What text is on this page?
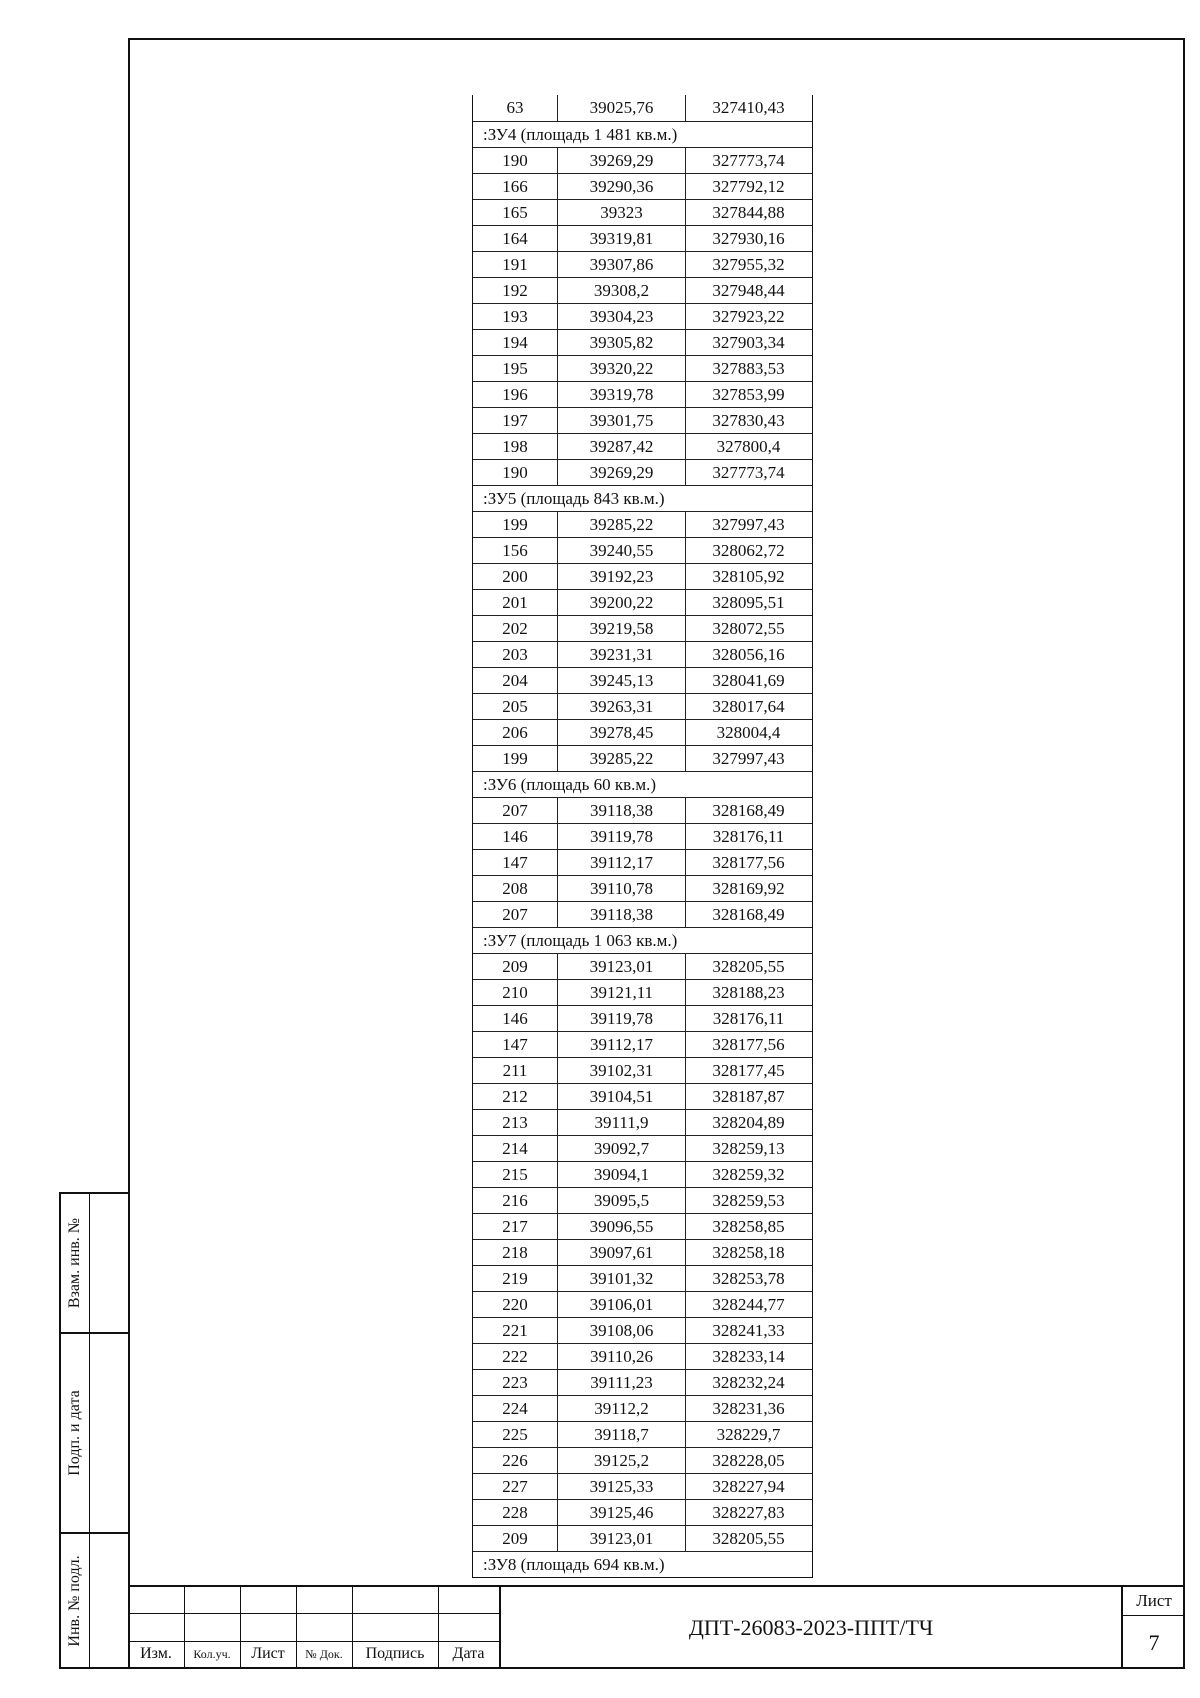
Взам. инв. №
Подп. и дата
Инв. № подл.
63	39025,76	327410,43
:ЗУ4 (площадь 1 481 кв.м.)
190	39269,29	327773,74
166	39290,36	327792,12
165	39323	327844,88
164	39319,81	327930,16
191	39307,86	327955,32
192	39308,2	327948,44
193	39304,23	327923,22
194	39305,82	327903,34
195	39320,22	327883,53
196	39319,78	327853,99
197	39301,75	327830,43
198	39287,42	327800,4
190	39269,29	327773,74
:ЗУ5 (площадь 843 кв.м.)
199	39285,22	327997,43
156	39240,55	328062,72
200	39192,23	328105,92
201	39200,22	328095,51
202	39219,58	328072,55
203	39231,31	328056,16
204	39245,13	328041,69
205	39263,31	328017,64
206	39278,45	328004,4
199	39285,22	327997,43
:ЗУ6 (площадь 60 кв.м.)
207	39118,38	328168,49
146	39119,78	328176,11
147	39112,17	328177,56
208	39110,78	328169,92
207	39118,38	328168,49
:ЗУ7 (площадь 1 063 кв.м.)
209	39123,01	328205,55
210	39121,11	328188,23
146	39119,78	328176,11
147	39112,17	328177,56
211	39102,31	328177,45
212	39104,51	328187,87
213	39111,9	328204,89
214	39092,7	328259,13
215	39094,1	328259,32
216	39095,5	328259,53
217	39096,55	328258,85
218	39097,61	328258,18
219	39101,32	328253,78
220	39106,01	328244,77
221	39108,06	328241,33
222	39110,26	328233,14
223	39111,23	328232,24
224	39112,2	328231,36
225	39118,7	328229,7
226	39125,2	328228,05
227	39125,33	328227,94
228	39125,46	328227,83
209	39123,01	328205,55
:ЗУ8 (площадь 694 кв.м.)
Изм.	Кол.уч.	Лист	№ Док.	Подпись	Дата
ДПТ-26083-2023-ППТ/ТЧ
Лист
7
